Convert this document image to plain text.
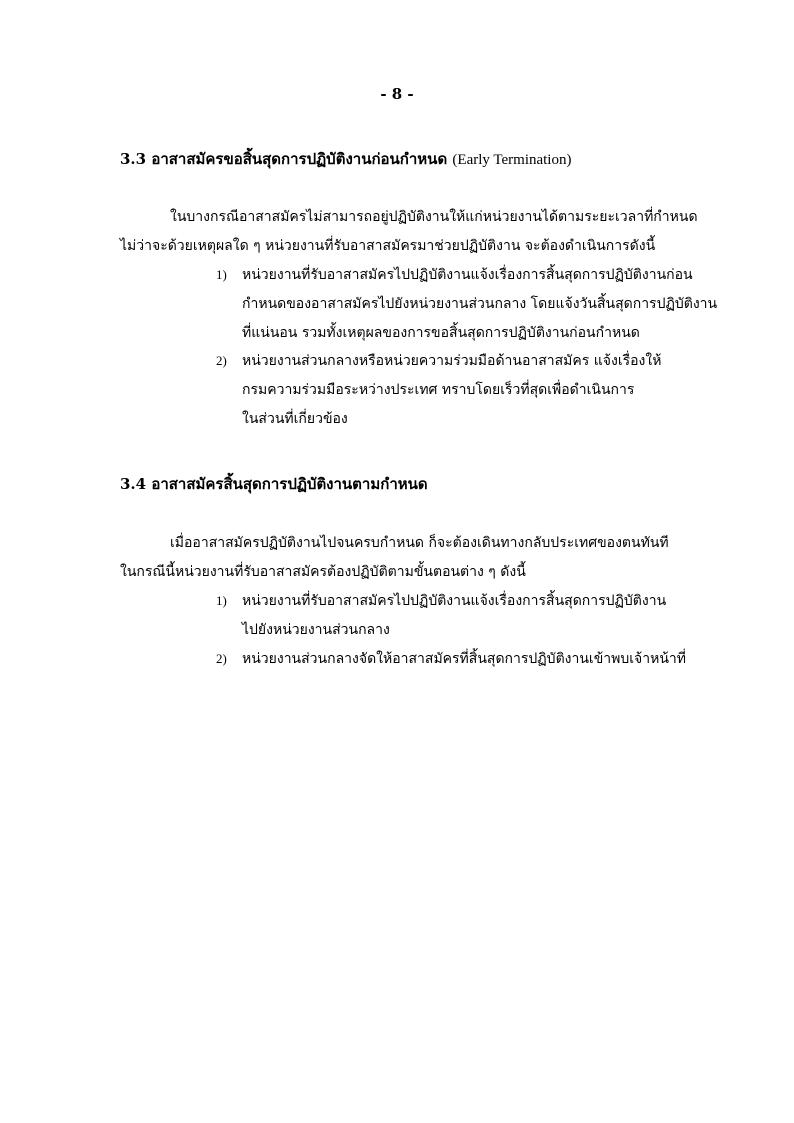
- 8 -
3.3 อาสาสมัครขอสิ้นสุดการปฏิบัติงานก่อนกำหนด (Early Termination)
ในบางกรณีอาสาสมัครไม่สามารถอยู่ปฏิบัติงานให้แก่หน่วยงานได้ตามระยะเวลาที่กำหนด
ไม่ว่าจะด้วยเหตุผลใด ๆ หน่วยงานที่รับอาสาสมัครมาช่วยปฏิบัติงาน จะต้องดำเนินการดังนี้
1) หน่วยงานที่รับอาสาสมัครไปปฏิบัติงานแจ้งเรื่องการสิ้นสุดการปฏิบัติงานก่อน
กำหนดของอาสาสมัครไปยังหน่วยงานส่วนกลาง โดยแจ้งวันสิ้นสุดการปฏิบัติงาน
ที่แน่นอน รวมทั้งเหตุผลของการขอสิ้นสุดการปฏิบัติงานก่อนกำหนด
2) หน่วยงานส่วนกลางหรือหน่วยความร่วมมือด้านอาสาสมัคร แจ้งเรื่องให้
กรมความร่วมมือระหว่างประเทศ ทราบโดยเร็วที่สุดเพื่อดำเนินการ
ในส่วนที่เกี่ยวข้อง
3.4 อาสาสมัครสิ้นสุดการปฏิบัติงานตามกำหนด
เมื่ออาสาสมัครปฏิบัติงานไปจนครบกำหนด ก็จะต้องเดินทางกลับประเทศของตนทันที
ในกรณีนี้หน่วยงานที่รับอาสาสมัครต้องปฏิบัติตามขั้นตอนต่าง ๆ ดังนี้
1) หน่วยงานที่รับอาสาสมัครไปปฏิบัติงานแจ้งเรื่องการสิ้นสุดการปฏิบัติงาน
ไปยังหน่วยงานส่วนกลาง
2) หน่วยงานส่วนกลางจัดให้อาสาสมัครที่สิ้นสุดการปฏิบัติงานเข้าพบเจ้าหน้าที่
